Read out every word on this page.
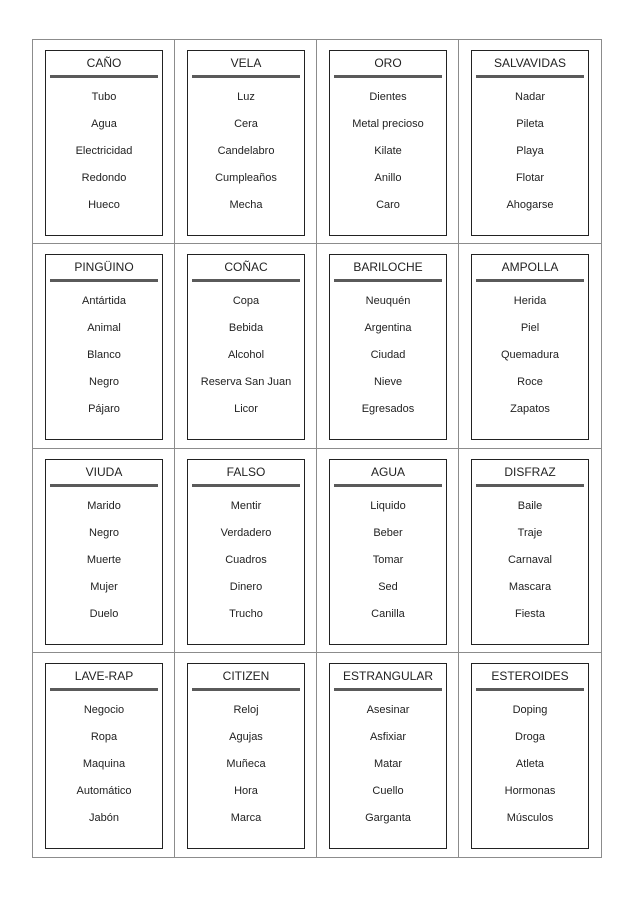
CAÑO
Tubo
Agua
Electricidad
Redondo
Hueco
VELA
Luz
Cera
Candelabro
Cumpleaños
Mecha
ORO
Dientes
Metal precioso
Kilate
Anillo
Caro
SALVAVIDAS
Nadar
Pileta
Playa
Flotar
Ahogarse
PINGÜINO
Antártida
Animal
Blanco
Negro
Pájaro
COÑAC
Copa
Bebida
Alcohol
Reserva San Juan
Licor
BARILOCHE
Neuquén
Argentina
Ciudad
Nieve
Egresados
AMPOLLA
Herida
Piel
Quemadura
Roce
Zapatos
VIUDA
Marido
Negro
Muerte
Mujer
Duelo
FALSO
Mentir
Verdadero
Cuadros
Dinero
Trucho
AGUA
Liquido
Beber
Tomar
Sed
Canilla
DISFRAZ
Baile
Traje
Carnaval
Mascara
Fiesta
LAVE-RAP
Negocio
Ropa
Maquina
Automático
Jabón
CITIZEN
Reloj
Agujas
Muñeca
Hora
Marca
ESTRANGULAR
Asesinar
Asfixiar
Matar
Cuello
Garganta
ESTEROIDES
Doping
Droga
Atleta
Hormonas
Músculos
